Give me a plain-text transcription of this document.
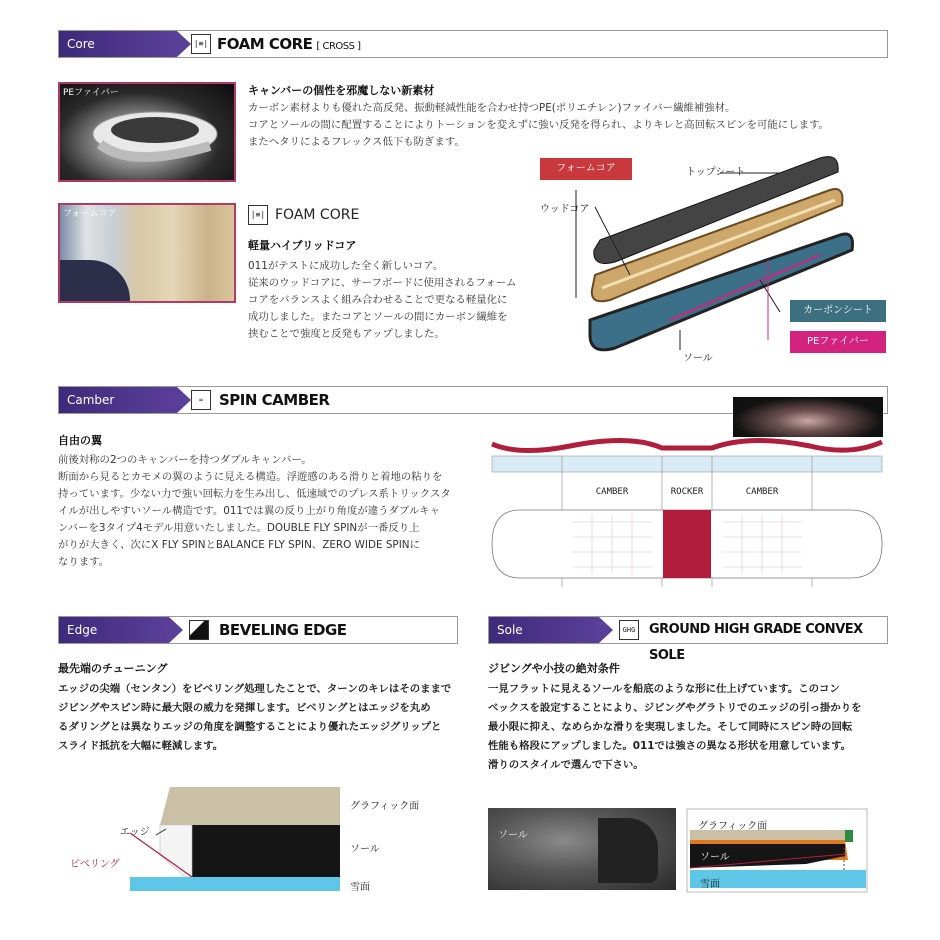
Core	|≡| FOAM CORE [ CROSS ]
PEファイバー	キャンバーの個性を邪魔しない新素材
カーボン素材よりも優れた高反発、振動軽減性能を合わせ持つPE(ポリエチレン)ファイバー繊維補強材。
コアとソールの間に配置することによりトーションを変えずに強い反発を得られ、よりキレと高回転スピンを可能にします。
またヘタリによるフレックス低下も防ぎます。
フォームコア	|≡| FOAM CORE
軽量ハイブリッドコア
011がテストに成功した全く新しいコア。
従来のウッドコアに、サーフボードに使用されるフォーム
コアをバランスよく組み合わせることで更なる軽量化に
成功しました。またコアとソールの間にカーボン繊維を
挟むことで強度と反発もアップしました。
フォームコア	トップシート
ウッドコア
カーボンシート
PEファイバー
ソール
Camber	≈	SPIN CAMBER
自由の翼
前後対称の2つのキャンバーを持つダブルキャンバー。
断面から見るとカモメの翼のように見える構造。浮遊感のある滑りと着地の粘りを
持っています。少ない力で強い回転力を生み出し、低速域でのプレス系トリックスタ
イルが出しやすいソール構造です。011では翼の反り上がり角度が違うダブルキャ
ンバーを3タイプ4モデル用意いたしました。DOUBLE FLY SPINが一番反り上
がりが大きく、次にX FLY SPINとBALANCE FLY SPIN、ZERO WIDE SPINに
なります。
CAMBER	ROCKER	CAMBER
Edge	BEVELING EDGE
最先端のチューニング
エッジの尖端（センタン）をビベリング処理したことで、ターンのキレはそのままで
ジビングやスピン時に最大限の威力を発揮します。ビベリングとはエッジを丸め
るダリングとは異なりエッジの角度を調整することにより優れたエッジグリップと
スライド抵抗を大幅に軽減します。
グラフィック面
エッジ
ソール
ビベリング
雪面
Sole	GHG GROUND HIGH GRADE CONVEX SOLE
ジビングや小技の絶対条件
一見フラットに見えるソールを船底のような形に仕上げています。このコン
ベックスを設定することにより、ジビングやグラトリでのエッジの引っ掛かりを
最小限に抑え、なめらかな滑りを実現しました。そして同時にスピン時の回転
性能も格段にアップしました。011では強さの異なる形状を用意しています。
滑りのスタイルで選んで下さい。
ソール
グラフィック面
ソール
雪面
